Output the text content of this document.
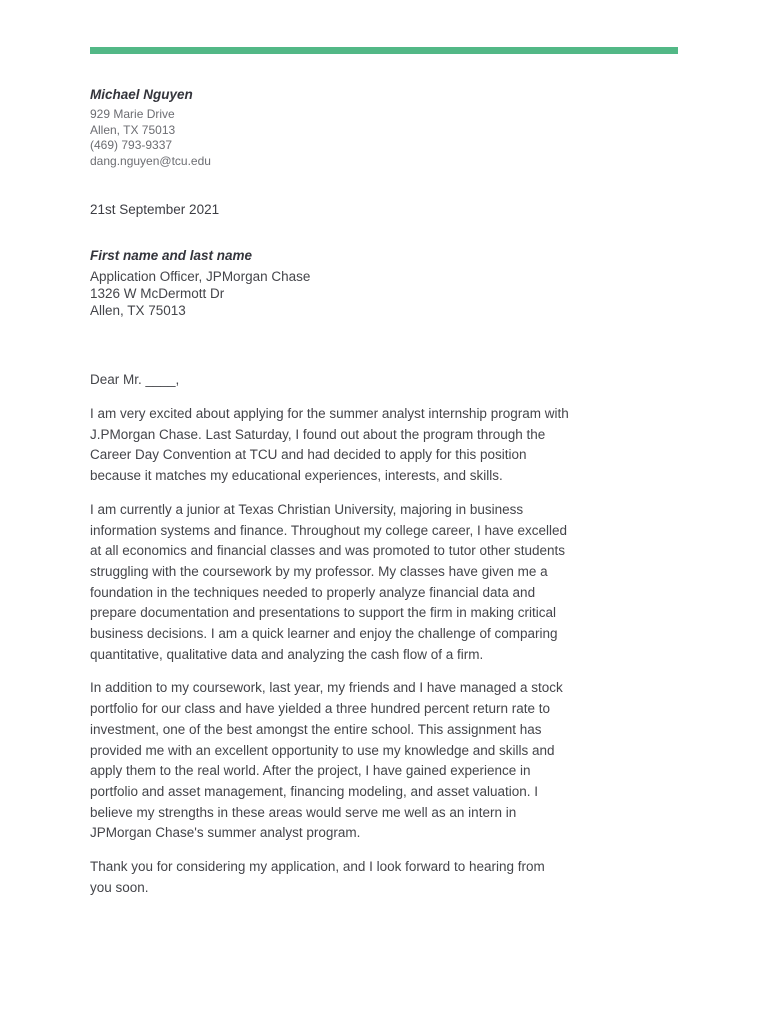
Michael Nguyen
929 Marie Drive
Allen, TX 75013
(469) 793-9337
dang.nguyen@tcu.edu
21st September 2021
First name and last name
Application Officer, JPMorgan Chase
1326 W McDermott Dr
Allen, TX 75013

Dear Mr. ____,

I am very excited about applying for the summer analyst internship program with J.PMorgan Chase. Last Saturday, I found out about the program through the Career Day Convention at TCU and had decided to apply for this position because it matches my educational experiences, interests, and skills.

I am currently a junior at Texas Christian University, majoring in business information systems and finance. Throughout my college career, I have excelled at all economics and financial classes and was promoted to tutor other students struggling with the coursework by my professor. My classes have given me a foundation in the techniques needed to properly analyze financial data and prepare documentation and presentations to support the firm in making critical business decisions. I am a quick learner and enjoy the challenge of comparing quantitative, qualitative data and analyzing the cash flow of a firm.

In addition to my coursework, last year, my friends and I have managed a stock portfolio for our class and have yielded a three hundred percent return rate to investment, one of the best amongst the entire school. This assignment has provided me with an excellent opportunity to use my knowledge and skills and apply them to the real world. After the project, I have gained experience in portfolio and asset management, financing modeling, and asset valuation. I believe my strengths in these areas would serve me well as an intern in JPMorgan Chase's summer analyst program.

Thank you for considering my application, and I look forward to hearing from you soon.
